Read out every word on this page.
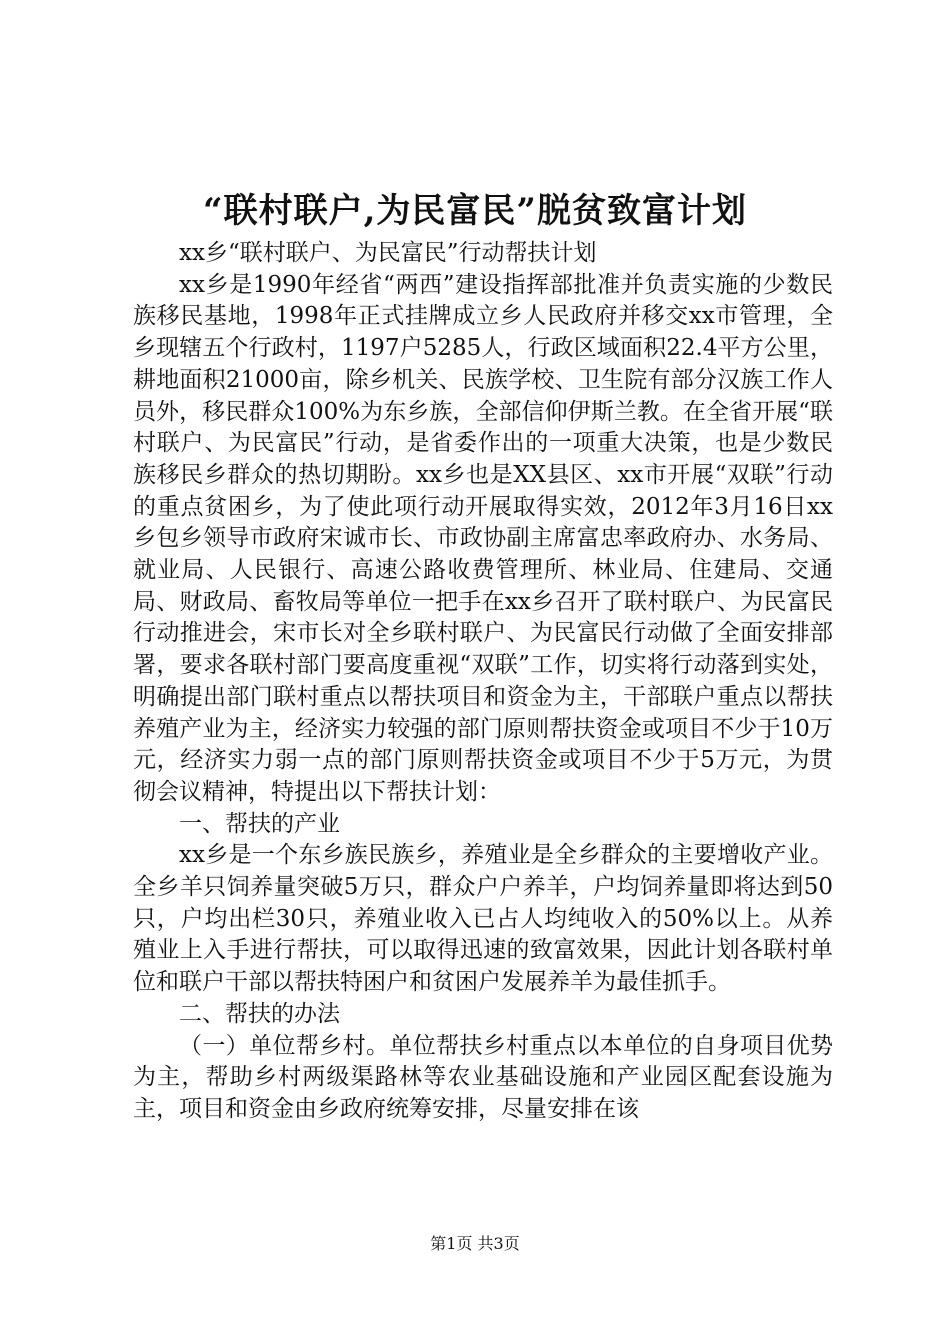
“联村联户,为民富民”脱贫致富计划

xx乡“联村联户、为民富民”行动帮扶计划

xx乡是1990年经省“两西”建设指挥部批准并负责实施的少数民族移民基地，1998年正式挂牌成立乡人民政府并移交xx市管理，全乡现辖五个行政村，1197户5285人，行政区域面积22.4平方公里，耕地面积21000亩，除乡机关、民族学校、卫生院有部分汉族工作人员外，移民群众100%为东乡族，全部信仰伊斯兰教。在全省开展“联村联户、为民富民”行动，是省委作出的一项重大决策，也是少数民族移民乡群众的热切期盼。xx乡也是XX县区、xx市开展“双联”行动的重点贫困乡，为了使此项行动开展取得实效，2012年3月16日xx乡包乡领导市政府宋诚市长、市政协副主席富忠率政府办、水务局、就业局、人民银行、高速公路收费管理所、林业局、住建局、交通局、财政局、畜牧局等单位一把手在xx乡召开了联村联户、为民富民行动推进会，宋市长对全乡联村联户、为民富民行动做了全面安排部署，要求各联村部门要高度重视“双联”工作，切实将行动落到实处，明确提出部门联村重点以帮扶项目和资金为主，干部联户重点以帮扶养殖产业为主，经济实力较强的部门原则帮扶资金或项目不少于10万元，经济实力弱一点的部门原则帮扶资金或项目不少于5万元，为贯彻会议精神，特提出以下帮扶计划：

一、帮扶的产业

xx乡是一个东乡族民族乡，养殖业是全乡群众的主要增收产业。全乡羊只饲养量突破5万只，群众户户养羊，户均饲养量即将达到50只，户均出栏30只，养殖业收入已占人均纯收入的50%以上。从养殖业上入手进行帮扶，可以取得迅速的致富效果，因此计划各联村单位和联户干部以帮扶特困户和贫困户发展养羊为最佳抓手。

二、帮扶的办法

（一）单位帮乡村。单位帮扶乡村重点以本单位的自身项目优势为主，帮助乡村两级渠路林等农业基础设施和产业园区配套设施为主，项目和资金由乡政府统筹安排，尽量安排在该

第1页 共3页
